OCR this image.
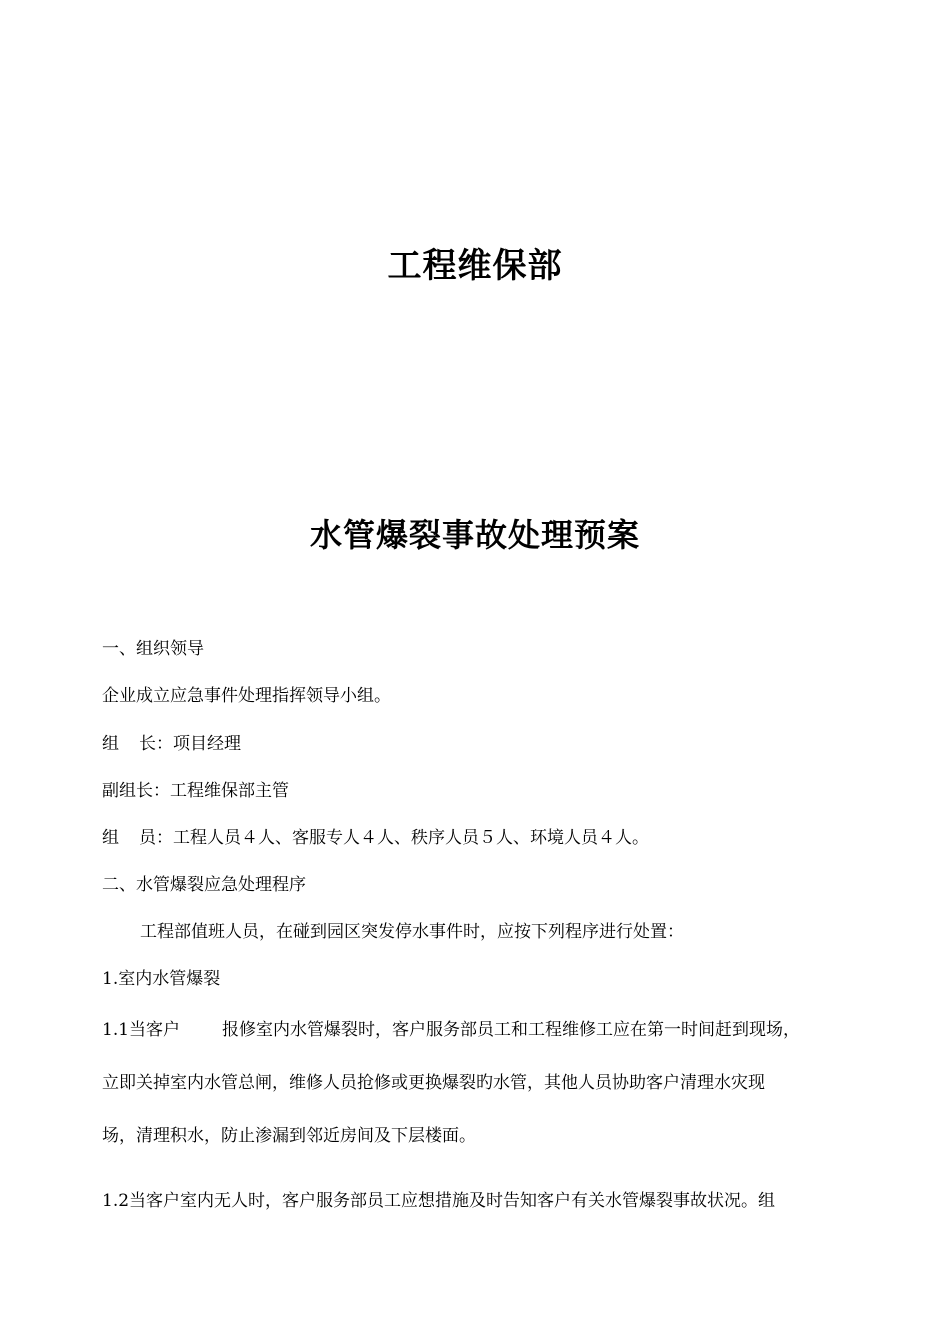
工程维保部
水管爆裂事故处理预案
一、组织领导
企业成立应急事件处理指挥领导小组。
组 长：项目经理
副组长：工程维保部主管
组 员：工程人员４人、客服专人４人、秩序人员５人、环境人员４人。
二、水管爆裂应急处理程序
工程部值班人员，在碰到园区突发停水事件时，应按下列程序进行处置：
1.室内水管爆裂
1.1当客户 报修室内水管爆裂时，客户服务部员工和工程维修工应在第一时间赶到现场，
立即关掉室内水管总闸，维修人员抢修或更换爆裂旳水管，其他人员协助客户清理水灾现
场，清理积水，防止渗漏到邻近房间及下层楼面。
1.2当客户室内无人时，客户服务部员工应想措施及时告知客户有关水管爆裂事故状况。组
